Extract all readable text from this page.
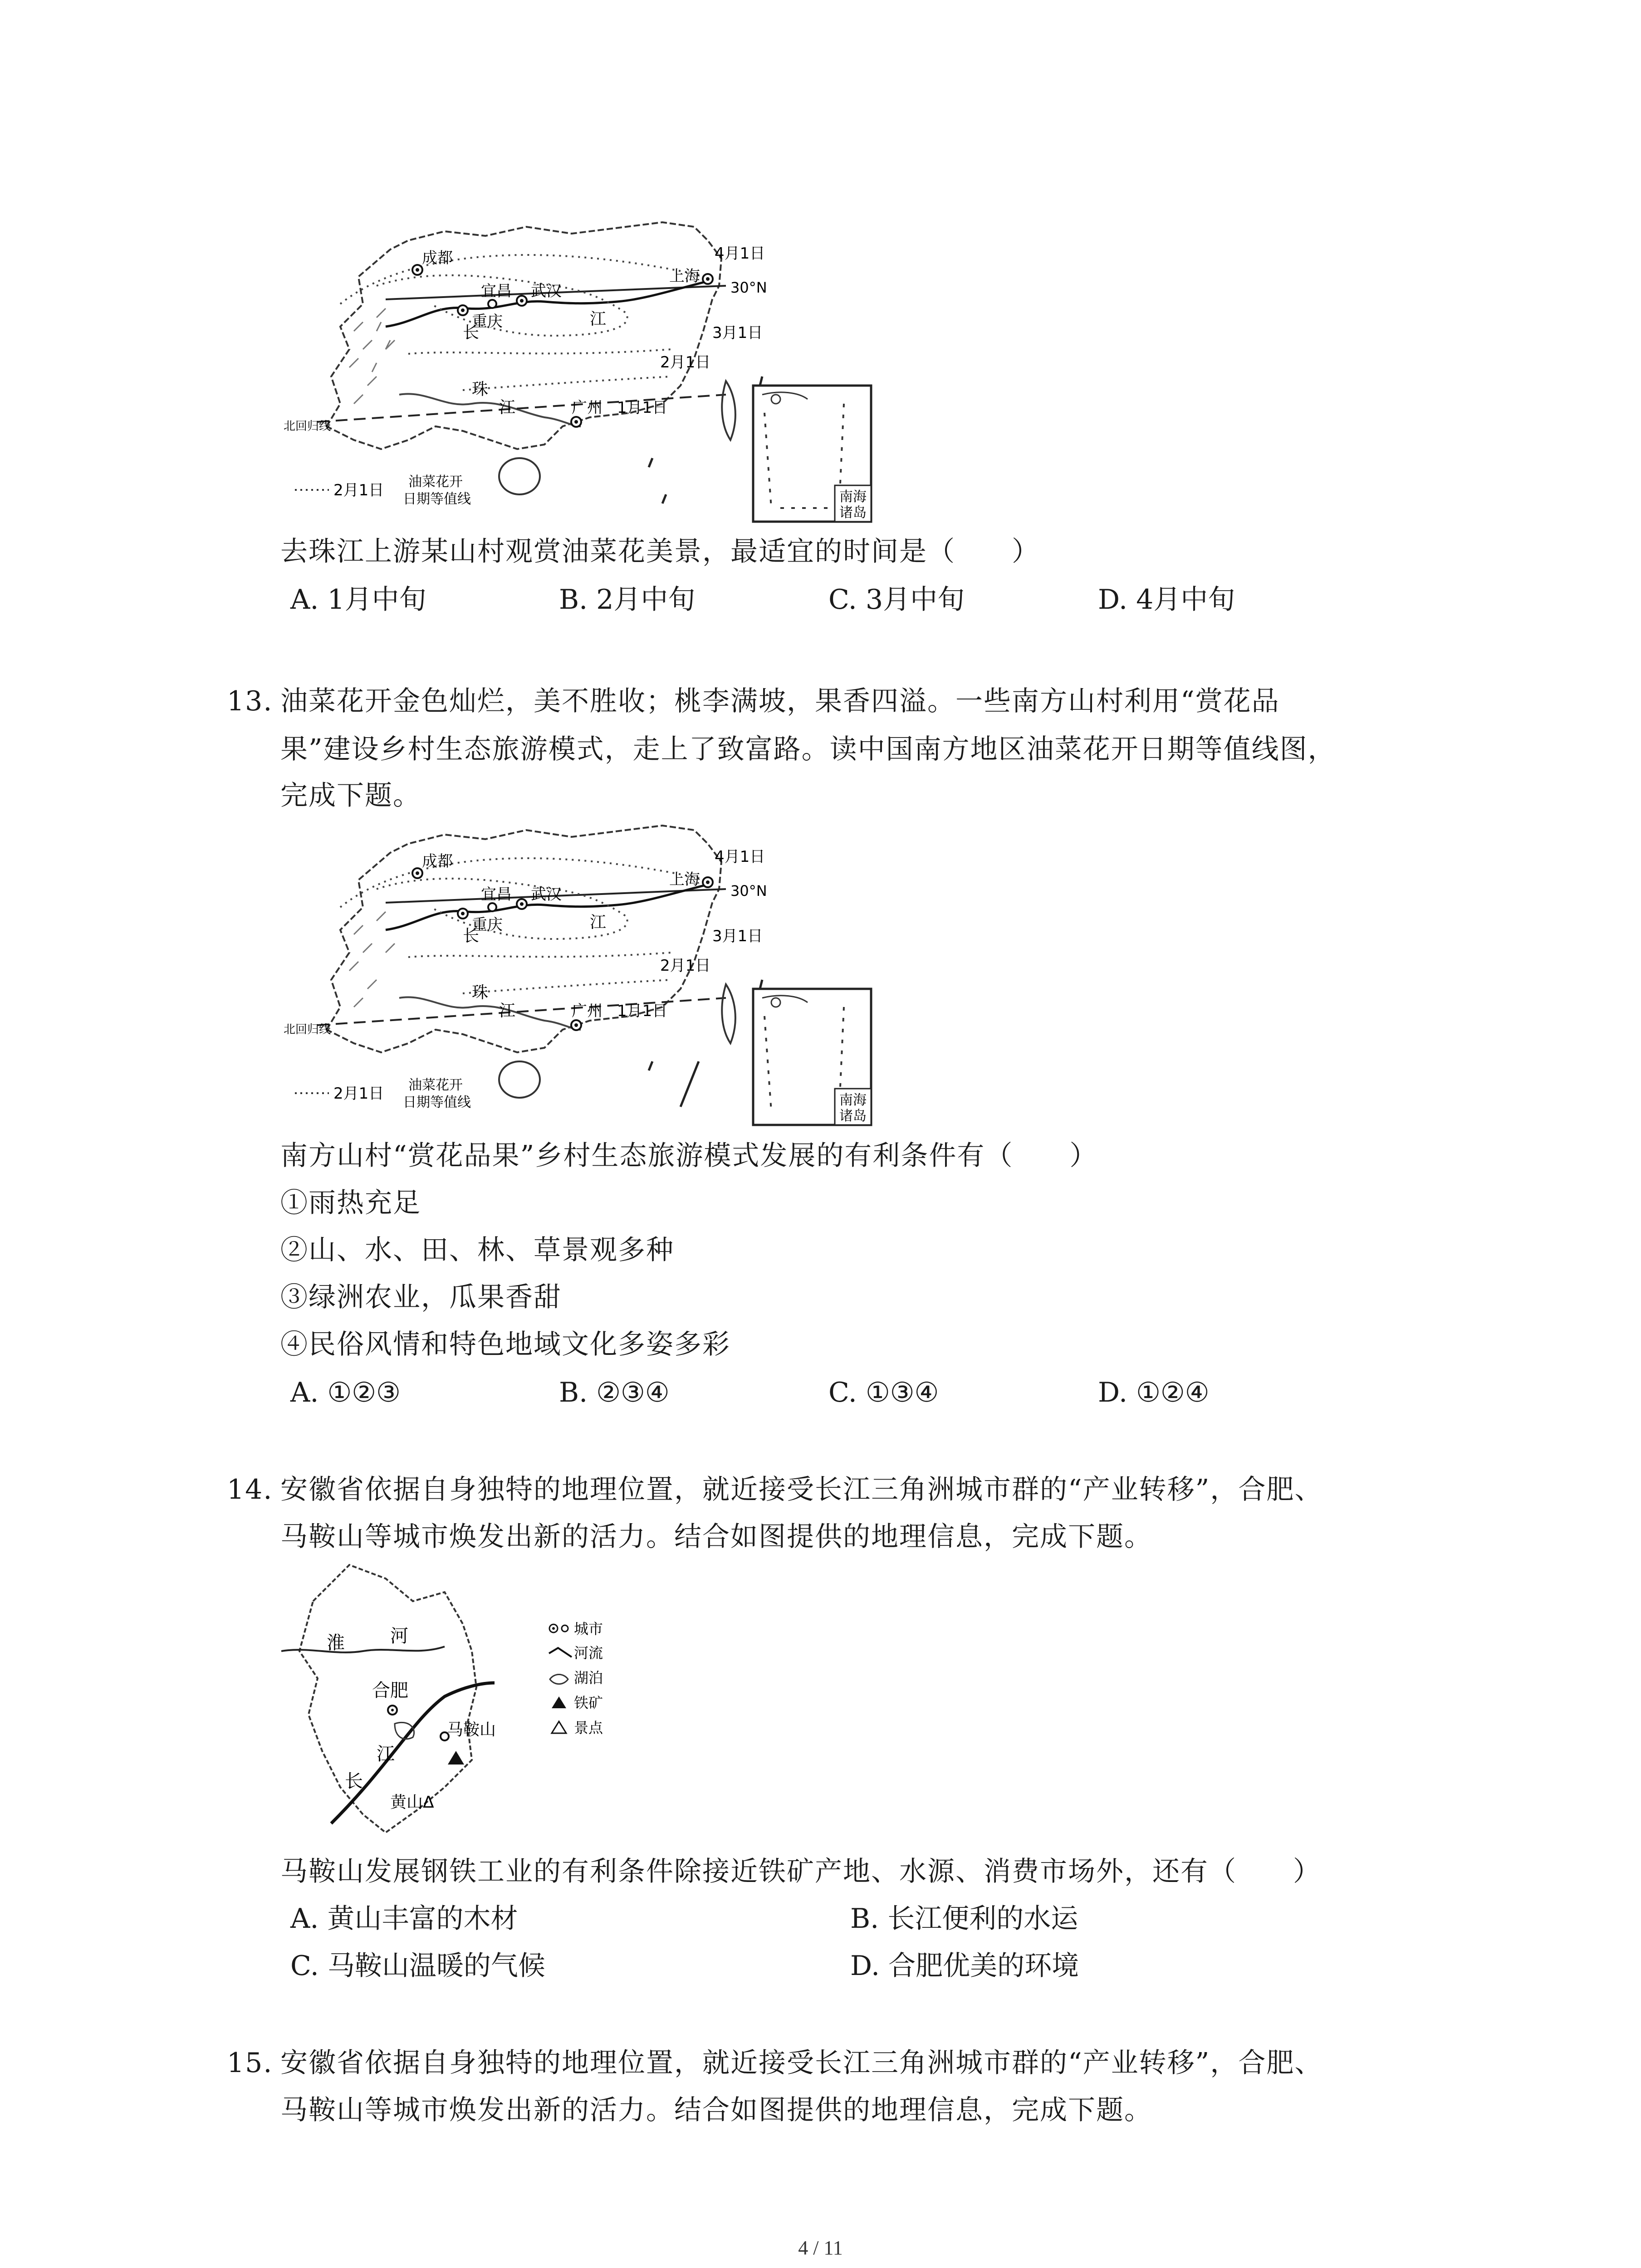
南海
诸岛
成都
宜昌 武汉
上海
重庆
广州
长
江
珠
江
4月1日
3月1日
2月1日
1月1日
30°N
北回归线
2月1日 油菜花开
日期等值线
去珠江上游某山村观赏油菜花美景，最适宜的时间是（　　）
A. 1月中旬	B. 2月中旬	C. 3月中旬	D. 4月中旬
13. 油菜花开金色灿烂，美不胜收；桃李满坡，果香四溢。一些南方山村利用“赏花品
果”建设乡村生态旅游模式，走上了致富路。读中国南方地区油菜花开日期等值线图，
完成下题。
南海
诸岛
成都
宜昌 武汉
上海
重庆
广州
长
江
珠
江
4月1日
3月1日
2月1日
1月1日
30°N
北回归线
2月1日 油菜花开
日期等值线
南方山村“赏花品果”乡村生态旅游模式发展的有利条件有（　　）
①雨热充足
②山、水、田、林、草景观多种
③绿洲农业，瓜果香甜
④民俗风情和特色地域文化多姿多彩
A. ①②③	B. ②③④	C. ①③④	D. ①②④
14. 安徽省依据自身独特的地理位置，就近接受长江三角洲城市群的“产业转移”，合肥、
马鞍山等城市焕发出新的活力。结合如图提供的地理信息，完成下题。
淮	河
合肥
马鞍山
江
长
黄山Δ
城市
河流
湖泊
铁矿
景点
马鞍山发展钢铁工业的有利条件除接近铁矿产地、水源、消费市场外，还有（　　）
A. 黄山丰富的木材	B. 长江便利的水运
C. 马鞍山温暖的气候	D. 合肥优美的环境
15. 安徽省依据自身独特的地理位置，就近接受长江三角洲城市群的“产业转移”，合肥、
马鞍山等城市焕发出新的活力。结合如图提供的地理信息，完成下题。
4 / 11
